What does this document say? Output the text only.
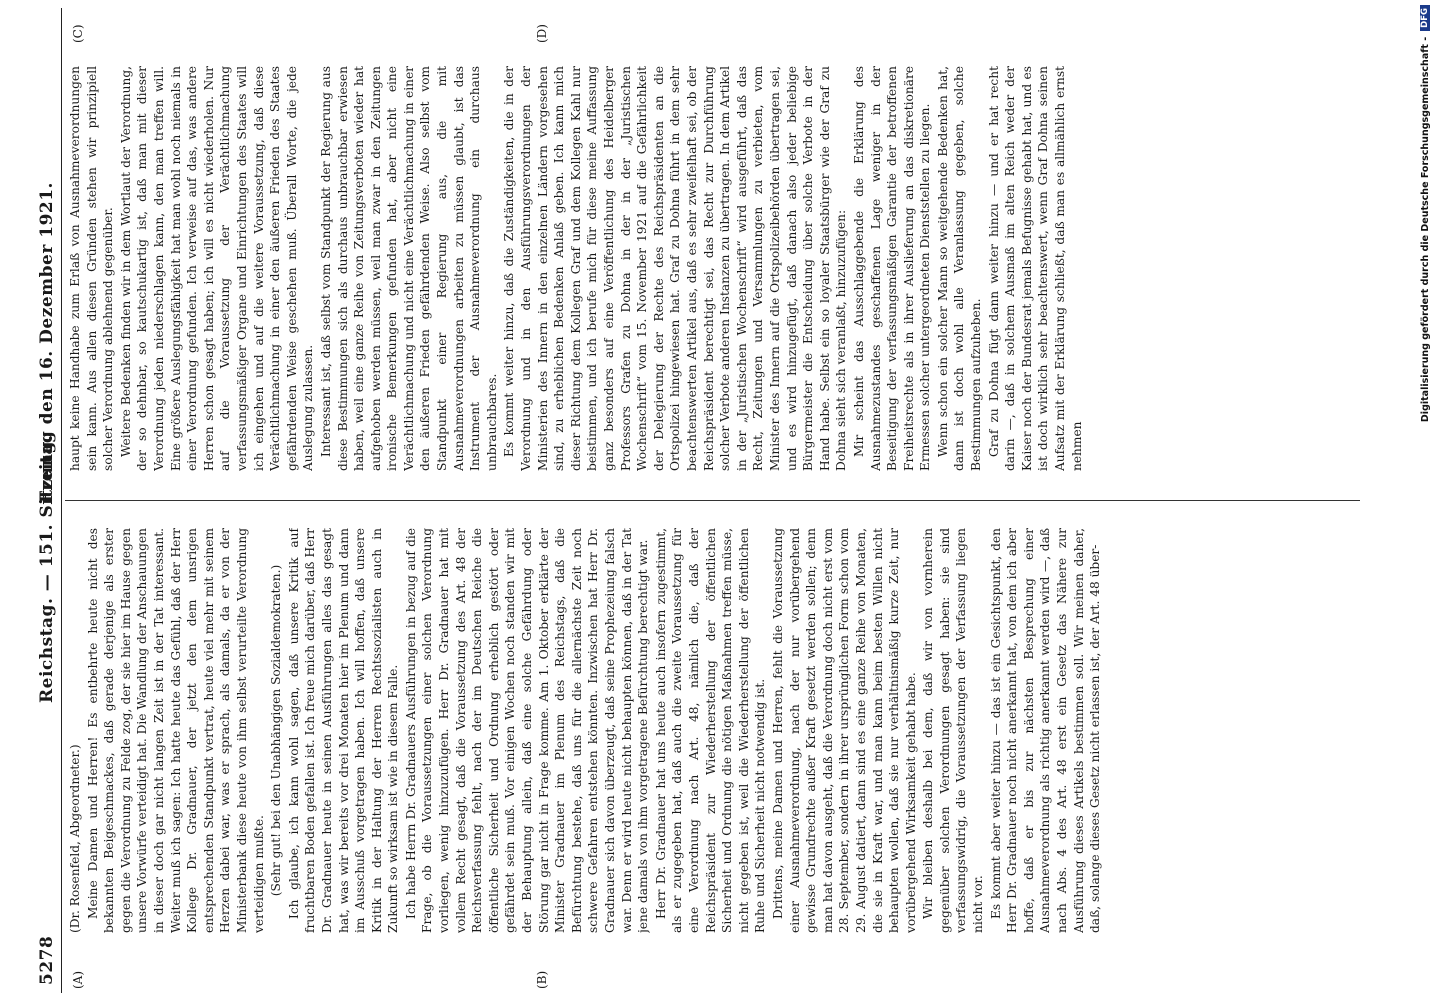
5278
Reichstag. — 151. Sitzung.
Freitag den 16. Dezember 1921.
(A)	(B)
(C)	(D)

(Dr. Rosenfeld, Abgeordneter.) Meine Damen und Herren! Es entbehrte heute nicht des bekannten Beigeschmackes, daß gerade derjenige als erster gegen die Verordnung zu Felde zog, der sie hier im Hause gegen unsere Vorwürfe verteidigt hat. Die Wandlung der Anschauungen in dieser doch gar nicht langen Zeit ist in der Tat interessant. Weiter muß ich sagen: Ich hatte heute das Gefühl, daß der Herr Kollege Dr. Gradnauer, der jetzt den dem unsrigen entsprechenden Standpunkt vertrat, heute viel mehr mit seinem Herzen dabei war, was er sprach, als damals, da er von der Ministerbank diese heute von ihm selbst verurteilte Verordnung verteidigen mußte. (Sehr gut! bei den Unabhängigen Sozialdemokraten.) Ich glaube, ich kann wohl sagen, daß unsere Kritik auf fruchtbaren Boden gefallen ist. Ich freue mich darüber, daß Herr Dr. Gradnauer heute in seinen Ausführungen alles das gesagt hat, was wir bereits vor drei Monaten hier im Plenum und dann im Ausschuß vorgetragen haben. Ich will hoffen, daß unsere Kritik in der Haltung der Herren Rechtssozialisten auch in Zukunft so wirksam ist wie in diesem Falle. Ich habe Herrn Dr. Gradnauers Ausführungen in bezug auf die Frage, ob die Voraussetzungen einer solchen Verordnung vorliegen, wenig hinzuzufügen. Herr Dr. Gradnauer hat mit vollem Recht gesagt, daß die Voraussetzung des Art. 48 der Reichsverfassung fehlt, nach der im Deutschen Reiche die öffentliche Sicherheit und Ordnung erheblich gestört oder gefährdet sein muß. Vor einigen Wochen noch standen wir mit der Behauptung allein, daß eine solche Gefährdung oder Störung gar nicht in Frage komme. Am 1. Oktober erklärte der Minister Gradnauer im Plenum des Reichstags, daß die Befürchtung bestehe, daß uns für die allernächste Zeit noch schwere Gefahren entstehen könnten. Inzwischen hat Herr Dr. Gradnauer sich davon überzeugt, daß seine Prophezeiung falsch war. Denn er wird heute nicht behaupten können, daß in der Tat jene damals von ihm vorgetragene Befürchtung berechtigt war. Herr Dr. Gradnauer hat uns heute auch insofern zugestimmt, als er zugegeben hat, daß auch die zweite Voraussetzung für eine Verordnung nach Art. 48, nämlich die, daß der Reichspräsident zur Wiederherstellung der öffentlichen Sicherheit und Ordnung die nötigen Maßnahmen treffen müsse, nicht gegeben ist, weil die Wiederherstellung der öffentlichen Ruhe und Sicherheit nicht notwendig ist. Drittens, meine Damen und Herren, fehlt die Voraussetzung einer Ausnahmeverordnung, nach der nur vorübergehend gewisse Grundrechte außer Kraft gesetzt werden sollen; denn man hat davon ausgeht, daß die Verordnung doch nicht erst vom 28. September, sondern in ihrer ursprünglichen Form schon vom 29. August datiert, dann sind es eine ganze Reihe von Monaten, die sie in Kraft war, und man kann beim besten Willen nicht behaupten wollen, daß sie nur verhältnismäßig kurze Zeit, nur vorübergehend Wirksamkeit gehabt habe. Wir bleiben deshalb bei dem, daß wir von vornherein gegenüber solchen Verordnungen gesagt haben: sie sind verfassungswidrig, die Voraussetzungen der Verfassung liegen nicht vor. Es kommt aber weiter hinzu — das ist ein Gesichtspunkt, den Herr Dr. Gradnauer noch nicht anerkannt hat, von dem ich aber hoffe, daß er bis zur nächsten Besprechung einer Ausnahmeverordnung als richtig anerkannt werden wird —, daß nach Abs. 4 des Art. 48 erst ein Gesetz das Nähere zur Ausführung dieses Artikels bestimmen soll. Wir meinen daher, daß, solange dieses Gesetz nicht erlassen ist, der Art. 48 über-

haupt keine Handhabe zum Erlaß von Ausnahmeverordnungen sein kann. Aus allen diesen Gründen stehen wir prinzipiell solcher Verordnung ablehnend gegenüber. Weitere Bedenken finden wir in dem Wortlaut der Verordnung, der so dehnbar, so kautschukartig ist, daß man mit dieser Verordnung jeden niederschlagen kann, den man treffen will. Eine größere Auslegungsfähigkeit hat man wohl noch niemals in einer Verordnung gefunden. Ich verweise auf das, was andere Herren schon gesagt haben; ich will es nicht wiederholen. Nur auf die Voraussetzung der Verächtlichmachung verfassungsmäßiger Organe und Einrichtungen des Staates will ich eingehen und auf die weitere Voraussetzung, daß diese Verächtlichmachung in einer den äußeren Frieden des Staates gefährdenden Weise geschehen muß. Überall Worte, die jede Auslegung zulassen. Interessant ist, daß selbst vom Standpunkt der Regierung aus diese Bestimmungen sich als durchaus unbrauchbar erwiesen haben, weil eine ganze Reihe von Zeitungsverboten wieder hat aufgehoben werden müssen, weil man zwar in den Zeitungen ironische Bemerkungen gefunden hat, aber nicht eine Verächtlichmachung und nicht eine Verächtlichmachung in einer den äußeren Frieden gefährdenden Weise. Also selbst vom Standpunkt einer Regierung aus, die mit Ausnahmeverordnungen arbeiten zu müssen glaubt, ist das Instrument der Ausnahmeverordnung ein durchaus unbrauchbares. Es kommt weiter hinzu, daß die Zuständigkeiten, die in der Verordnung und in den Ausführungsverordnungen der Ministerien des Innern in den einzelnen Ländern vorgesehen sind, zu erheblichen Bedenken Anlaß geben. Ich kann mich dieser Richtung dem Kollegen Graf und dem Kollegen Kahl nur beistimmen, und ich berufe mich für diese meine Auffassung ganz besonders auf eine Veröffentlichung des Heidelberger Professors Grafen zu Dohna in der in der „Juristischen Wochenschrift“ vom 15. November 1921 auf die Gefährlichkeit der Delegierung der Rechte des Reichspräsidenten an die Ortspolizei hingewiesen hat. Graf zu Dohna führt in dem sehr beachtenswerten Artikel aus, daß es sehr zweifelhaft sei, ob der Reichspräsident berechtigt sei, das Recht zur Durchführung solcher Verbote anderen Instanzen zu übertragen. In dem Artikel in der „Juristischen Wochenschrift“ wird ausgeführt, daß das Recht, Zeitungen und Versammlungen zu verbieten, vom Minister des Innern auf die Ortspolizeibehörden übertragen sei, und es wird hinzugefügt, daß danach also jeder beliebige Bürgermeister die Entscheidung über solche Verbote in der Hand habe. Selbst ein so loyaler Staatsbürger wie der Graf zu Dohna sieht sich veranlaßt, hinzuzufügen: Mir scheint das Ausschlaggebende die Erklärung des Ausnahmezustandes geschaffenen Lage weniger in der Beseitigung der verfassungsmäßigen Garantie der betroffenen Freiheitsrechte als in ihrer Auslieferung an das diskretionäre Ermessen solcher untergeordneten Dienststellen zu liegen. Wenn schon ein solcher Mann so weitgehende Bedenken hat, dann ist doch wohl alle Veranlassung gegeben, solche Bestimmungen aufzuheben. Graf zu Dohna fügt dann weiter hinzu — und er hat recht darin —, daß in solchem Ausmaß im alten Reich weder der Kaiser noch der Bundesrat jemals Befugnisse gehabt hat, und es ist doch wirklich sehr beachtenswert, wenn Graf Dohna seinen Aufsatz mit der Erklärung schließt, daß man es allmählich ernst nehmen

Digitalisierung gefördert durch die Deutsche Forschungsgemeinschaft -
DFG
